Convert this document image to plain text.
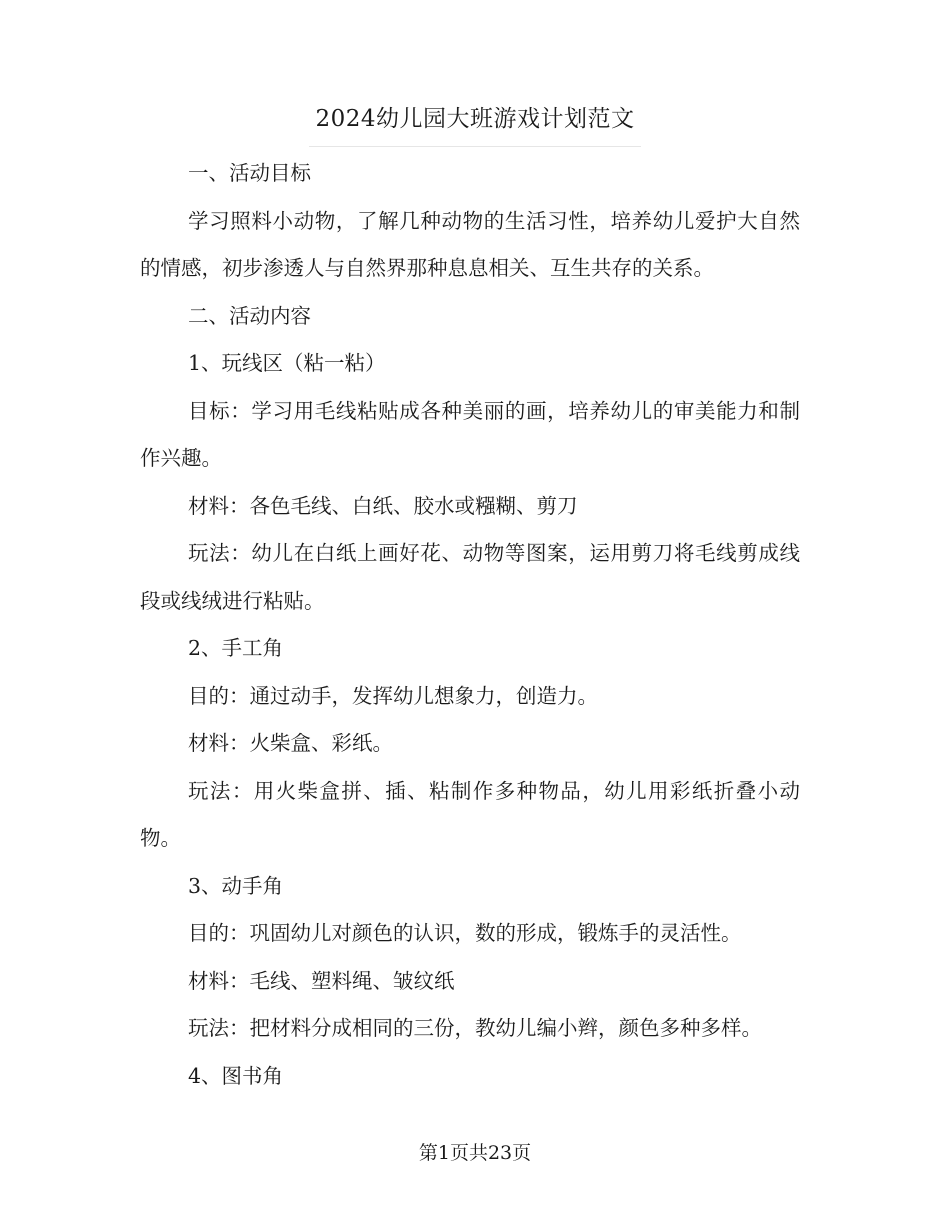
2024幼儿园大班游戏计划范文

一、活动目标

学习照料小动物，了解几种动物的生活习性，培养幼儿爱护大自然的情感，初步渗透人与自然界那种息息相关、互生共存的关系。

二、活动内容

1、玩线区（粘一粘）

目标：学习用毛线粘贴成各种美丽的画，培养幼儿的审美能力和制作兴趣。

材料：各色毛线、白纸、胶水或糨糊、剪刀

玩法：幼儿在白纸上画好花、动物等图案，运用剪刀将毛线剪成线段或线绒进行粘贴。

2、手工角

目的：通过动手，发挥幼儿想象力，创造力。

材料：火柴盒、彩纸。

玩法：用火柴盒拼、插、粘制作多种物品，幼儿用彩纸折叠小动物。

3、动手角

目的：巩固幼儿对颜色的认识，数的形成，锻炼手的灵活性。

材料：毛线、塑料绳、皱纹纸

玩法：把材料分成相同的三份，教幼儿编小辫，颜色多种多样。

4、图书角

第1页共23页
